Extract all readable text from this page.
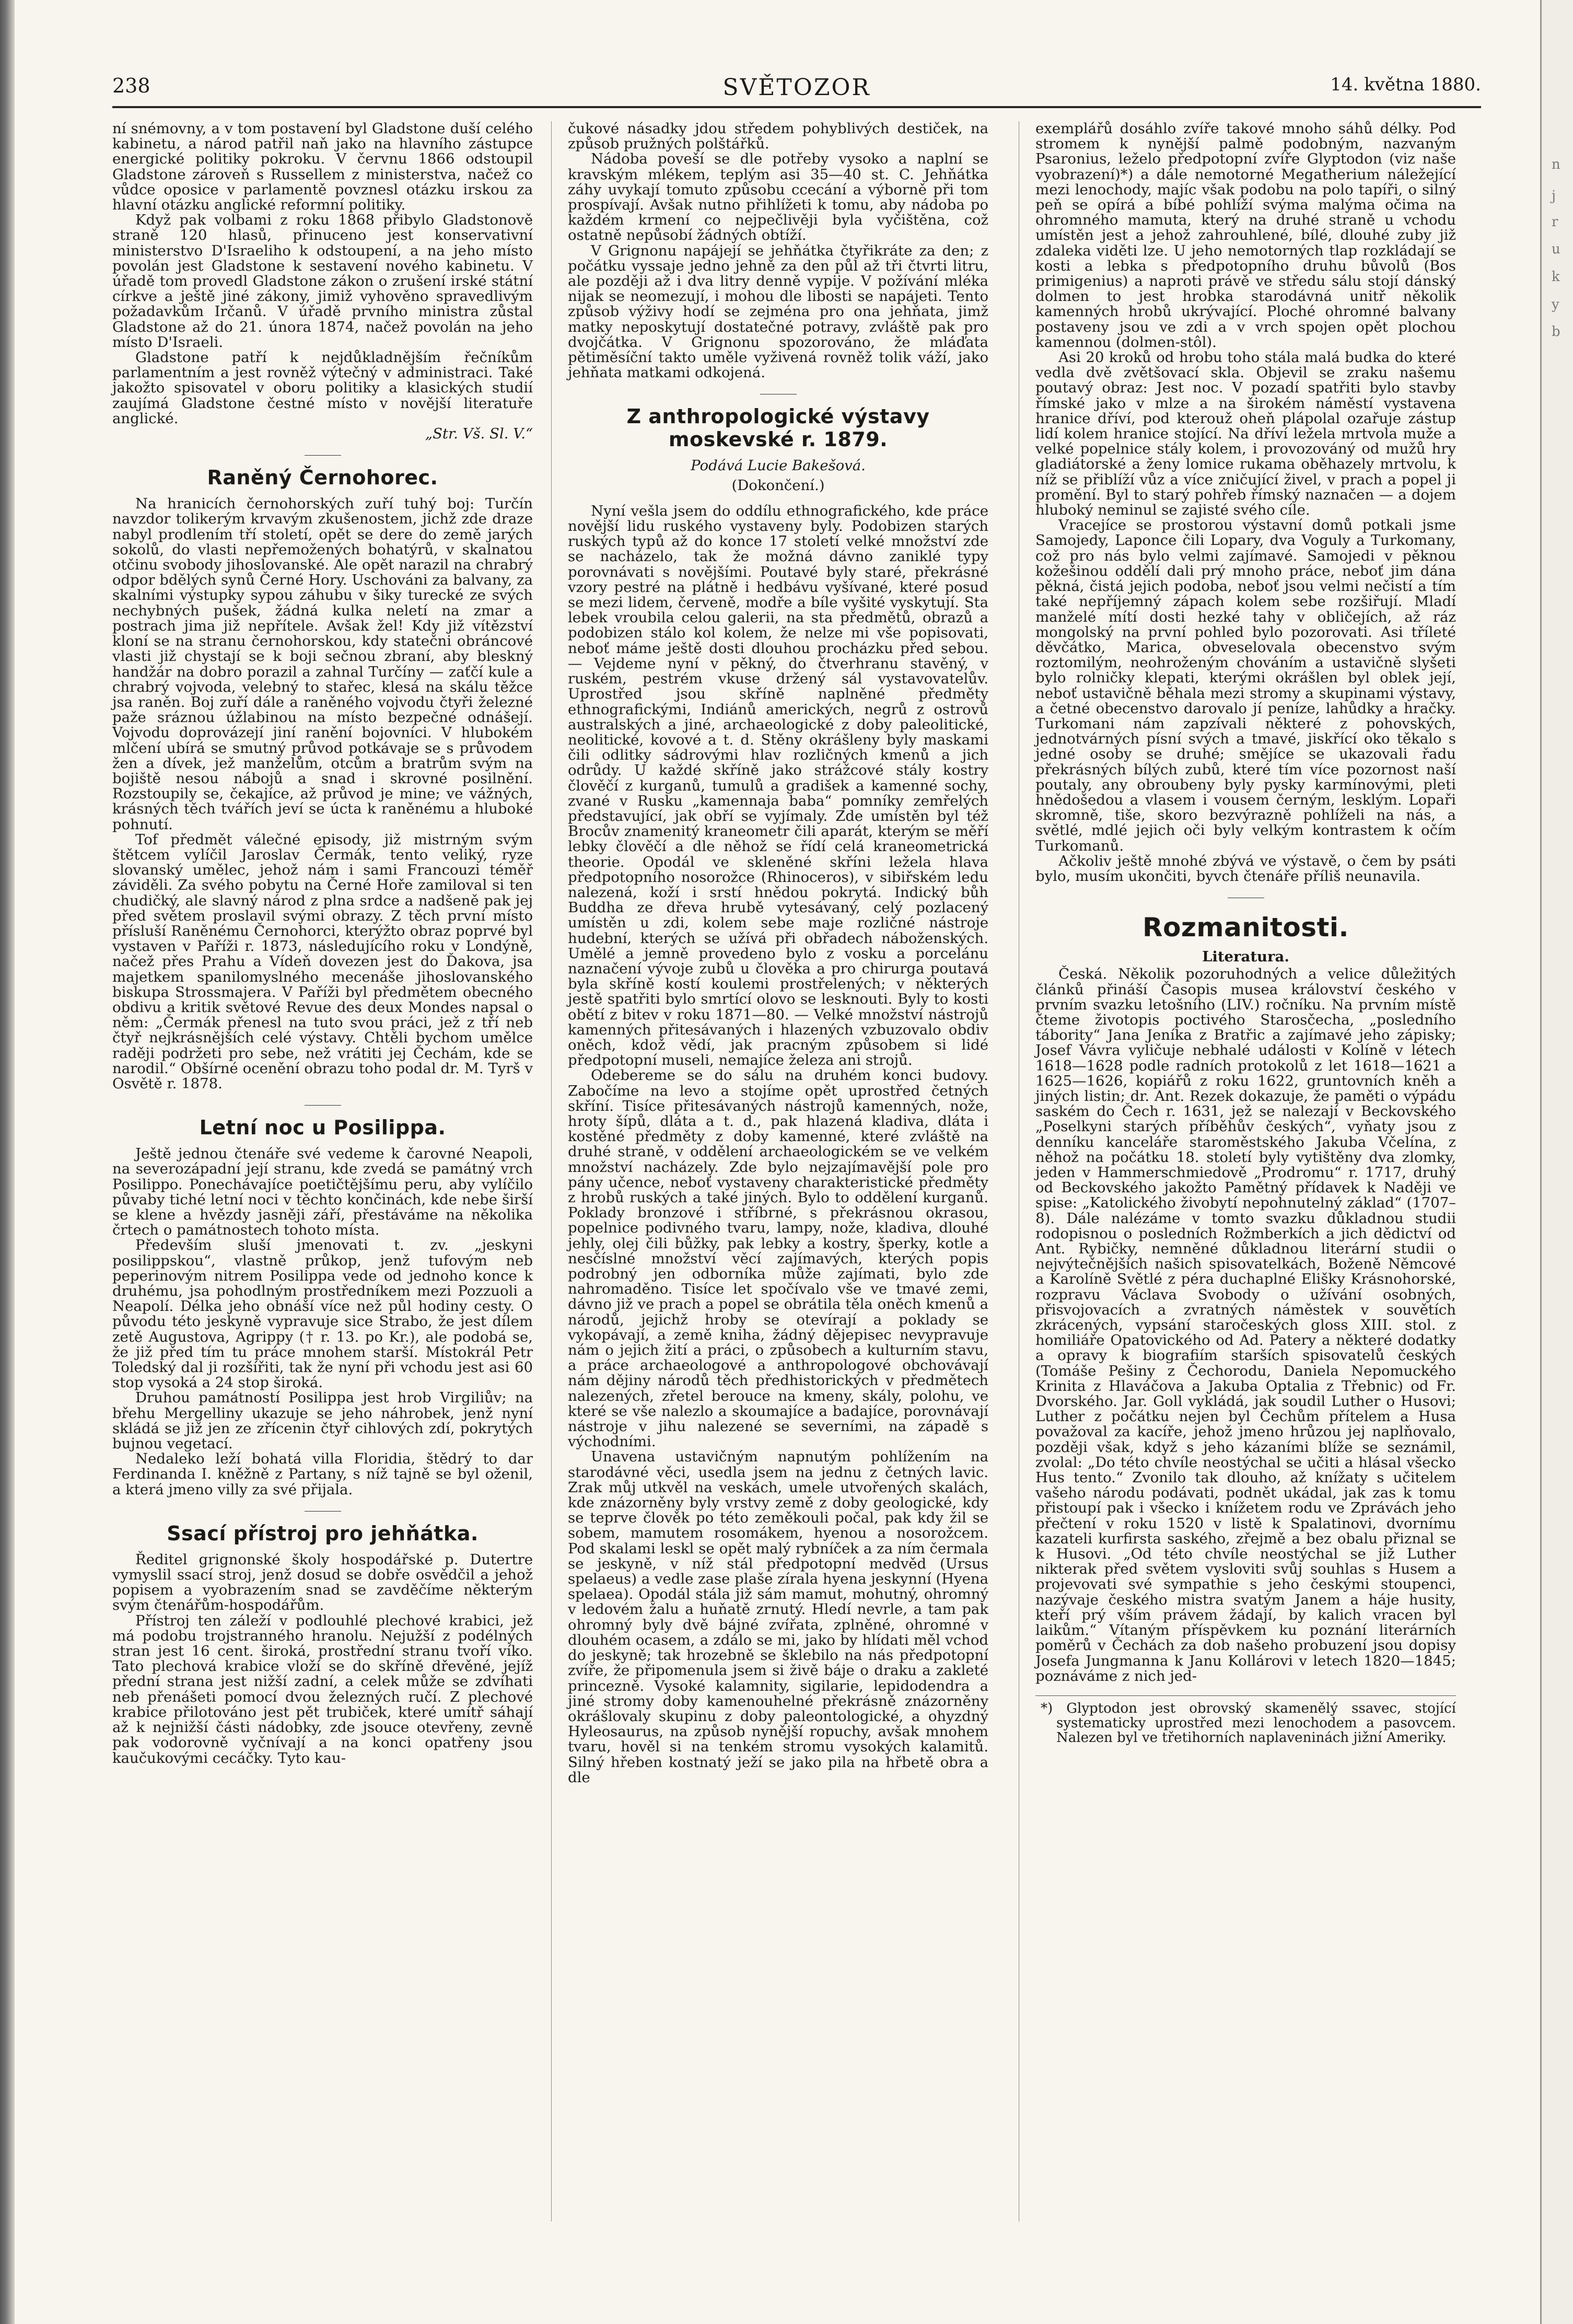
n
j
r
u
k
y
b
SVĚTOZOR
238	14. května 1880.

ní snémovny, a v tom postavení byl Gladstone duší celého kabinetu, a národ patřil naň jako na hlavního zástupce energické politiky pokroku. V červnu 1866 odstoupil Gladstone zároveň s Russellem z ministerstva, načež co vůdce oposice v parlamentě povznesl otázku irskou za hlavní otázku anglické reformní politiky.

Když pak volbami z roku 1868 přibylo Gladstonově straně 120 hlasů, přinuceno jest konservativní ministerstvo D'Israeliho k odstoupení, a na jeho místo povolán jest Gladstone k sestavení nového kabinetu. V úřadě tom provedl Gladstone zákon o zrušení irské státní církve a ještě jiné zákony, jimiž vyhověno spravedlivým požadavkům Irčanů. V úřadě prvního ministra zůstal Gladstone až do 21. února 1874, načež povolán na jeho místo D'Israeli.

Gladstone patří k nejdůkladnějším řečníkům parlamentním a jest rovněž výtečný v administraci. Také jakožto spisovatel v oboru politiky a klasických studií zaujímá Gladstone čestné místo v novější literatuře anglické.

„Str. Vš. Sl. V.“
Raněný Černohorec.

Na hranicích černohorských zuří tuhý boj: Turčín navzdor tolikerým krvavým zkušenostem, jichž zde draze nabyl prodlením tří století, opět se dere do země jarých sokolů, do vlasti nepřemožených bohatýrů, v skalnatou otčinu svobody jihoslovanské. Ale opět narazil na chrabrý odpor bdělých synů Černé Hory. Uschováni za balvany, za skalními výstupky sypou záhubu v šiky turecké ze svých nechybných pušek, žádná kulka neletí na zmar a postrach jima již nepřítele. Avšak žel! Kdy již vítězství kloní se na stranu černohorskou, kdy statečni obráncové vlasti již chystají se k boji sečnou zbraní, aby bleskný handžár na dobro porazil a zahnal Turčíny — zaťčí kule a chrabrý vojvoda, velebný to stařec, klesá na skálu těžce jsa raněn. Boj zuří dále a raněného vojvodu čtyři železné paže sráznou úžlabinou na místo bezpečné odnášejí. Vojvodu doprovázejí jiní ranění bojovníci. V hlubokém mlčení ubírá se smutný průvod potkávaje se s průvodem žen a dívek, jež manželům, otcům a bratrům svým na bojiště nesou nábojů a snad i skrovné posilnění. Rozstoupily se, čekajíce, až průvod je mine; ve vážných, krásných těch tvářích jeví se úcta k raněnému a hluboké pohnutí.

Tof předmět válečné episody, již mistrným svým štětcem vylíčil Jaroslav Čermák, tento veliký, ryze slovanský umělec, jehož nám i sami Francouzi téměř záviděli. Za svého pobytu na Černé Hoře zamiloval si ten chudičký, ale slavný národ z plna srdce a nadšeně pak jej před světem proslavil svými obrazy. Z těch první místo přísluší Raněnému Černohorci, kterýžto obraz poprvé byl vystaven v Paříži r. 1873, následujícího roku v Londýně, načež přes Prahu a Vídeň dovezen jest do Ďakova, jsa majetkem spanilomyslného mecenáše jihoslovanského biskupa Strossmajera. V Paříži byl předmětem obecného obdivu a kritik světové Revue des deux Mondes napsal o něm: „Čermák přenesl na tuto svou práci, jež z tří neb čtyř nejkrásnějších celé výstavy. Chtěli bychom umělce raději podržeti pro sebe, než vrátiti jej Čechám, kde se narodil.“ Obšírné ocenění obrazu toho podal dr. M. Tyrš v Osvětě r. 1878.

Letní noc u Posilippa.

Ještě jednou čtenáře své vedeme k čarovné Neapoli, na severozápadní její stranu, kde zvedá se památný vrch Posilippo. Ponechávajíce poetičtějšímu peru, aby vylíčilo půvaby tiché letní noci v těchto končinách, kde nebe širší se klene a hvězdy jasněji září, přestáváme na několika črtech o památnostech tohoto místa.

Především sluší jmenovati t. zv. „jeskyni posilippskou“, vlastně průkop, jenž tufovým neb peperinovým nitrem Posilippa vede od jednoho konce k druhému, jsa pohodlným prostředníkem mezi Pozzuoli a Neapolí. Délka jeho obnáší více než půl hodiny cesty. O původu této jeskyně vypravuje sice Strabo, že jest dílem zetě Augustova, Agrippy († r. 13. po Kr.), ale podobá se, že již před tím tu práce mnohem starší. Místokrál Petr Toledský dal ji rozšířiti, tak že nyní při vchodu jest asi 60 stop vysoká a 24 stop široká.

Druhou památností Posilippa jest hrob Virgiliův; na břehu Mergelliny ukazuje se jeho náhrobek, jenž nyní skládá se již jen ze zřícenin čtyř cihlových zdí, pokrytých bujnou vegetací.

Nedaleko leží bohatá villa Floridia, štědrý to dar Ferdinanda I. kněžně z Partany, s níž tajně se byl oženil, a která jmeno villy za své přijala.

Ssací přístroj pro jehňátka.

Ředitel grignonské školy hospodářské p. Dutertre vymyslil ssací stroj, jenž dosud se dobře osvědčil a jehož popisem a vyobrazením snad se zavděčíme některým svým čtenářům-hospodářům.

Přístroj ten záleží v podlouhlé plechové krabici, jež má podobu trojstranného hranolu. Nejužší z podélných stran jest 16 cent. široká, prostřední stranu tvoří víko. Tato plechová krabice vloží se do skříně dřevěné, jejíž přední strana jest nižší zadní, a celek může se zdvíhati neb přenášeti pomocí dvou železných ručí. Z plechové krabice přilotováno jest pět trubiček, které umítř sáhají až k nejnižší části nádobky, zde jsouce otevřeny, zevně pak vodorovně vyčnívají a na konci opatřeny jsou kaučukovými cecáčky. Tyto kau-

čukové násadky jdou středem pohyblivých destiček, na způsob pružných polštářků.

Nádoba poveší se dle potřeby vysoko a naplní se kravským mlékem, teplým asi 35—40 st. C. Jehňátka záhy uvykají tomuto způsobu ccecání a výborně při tom prospívají. Avšak nutno přihlížeti k tomu, aby nádoba po každém krmení co nejpečlivěji byla vyčištěna, což ostatně nepůsobí žádných obtíží.

V Grignonu napájejí se jehňátka čtyřikráte za den; z počátku vyssaje jedno jehně za den půl až tři čtvrti litru, ale později až i dva litry denně vypije. V požívání mléka nijak se neomezují, i mohou dle libosti se napájeti. Tento způsob výživy hodí se zejména pro ona jehňata, jimž matky neposkytují dostatečné potravy, zvláště pak pro dvojčátka. V Grignonu spozorováno, že mláďata pětiměsíční takto uměle vyživená rovněž tolik váží, jako jehňata matkami odkojená.

Z anthropologické výstavy moskevské r. 1879.
Podává Lucie Bakešová.
(Dokončení.)

Nyní vešla jsem do oddílu ethnografického, kde práce novější lidu ruského vystaveny byly. Podobizen starých ruských typů až do konce 17 století velké množství zde se nacházelo, tak že možná dávno zaniklé typy porovnávati s novějšími. Poutavé byly staré, překrásné vzory pestré na plátně i hedbávu vyšívané, které posud se mezi lidem, červeně, modře a bíle vyšité vyskytují. Sta lebek vroubila celou galerii, na sta předmětů, obrazů a podobizen stálo kol kolem, že nelze mi vše popisovati, neboť máme ještě dosti dlouhou procházku před sebou. — Vejdeme nyní v pěkný, do čtverhranu stavěný, v ruském, pestrém vkuse držený sál vystavovatelův. Uprostřed jsou skříně naplněné předměty ethnografickými, Indiánů amerických, negrů z ostrovů australských a jiné, archaeologické z doby paleolitické, neolitické, kovové a t. d. Stěny okrášleny byly maskami čili odlitky sádrovými hlav rozličných kmenů a jich odrůdy. U každé skříně jako strážcové stály kostry člověčí z kurganů, tumulů a gradišek a kamenné sochy, zvané v Rusku „kamennaja baba“ pomníky zemřelých představující, jak obří se vyjímaly. Zde umístěn byl též Brocův znamenitý kraneometr čili aparát, kterým se měří lebky člověčí a dle něhož se řídí celá kraneometrická theorie. Opodál ve skleněné skříni ležela hlava předpotopního nosorožce (Rhinoceros), v sibiřském ledu nalezená, koží i srstí hnědou pokrytá. Indický bůh Buddha ze dřeva hrubě vytesávaný, celý pozlacený umístěn u zdi, kolem sebe maje rozličné nástroje hudební, kterých se užívá při obřadech náboženských. Umělé a jemně provedeno bylo z vosku a porcelánu naznačení vývoje zubů u člověka a pro chirurga poutavá byla skříně kostí koulemi prostřelených; v některých jestě spatřiti bylo smrtící olovo se lesknouti. Byly to kosti obětí z bitev v roku 1871—80. — Velké množství nástrojů kamenných přitesávaných i hlazených vzbuzovalo obdiv oněch, kdož vědí, jak pracným způsobem si lidé předpotopní museli, nemajíce železa ani strojů.

Odebereme se do sálu na druhém konci budovy. Zabočíme na levo a stojíme opět uprostřed četných skříní. Tisíce přitesávaných nástrojů kamenných, nože, hroty šípů, dláta a t. d., pak hlazená kladiva, dláta i kostěné předměty z doby kamenné, které zvláště na druhé straně, v oddělení archaeologickém se ve velkém množství nacházely. Zde bylo nejzajímavější pole pro pány učence, neboť vystaveny charakteristické předměty z hrobů ruských a také jiných. Bylo to oddělení kurganů. Poklady bronzové i stříbrné, s překrásnou okrasou, popelnice podivného tvaru, lampy, nože, kladiva, dlouhé jehly, olej čili bůžky, pak lebky a kostry, šperky, kotle a nesčíslné množství věcí zajímavých, kterých popis podrobný jen odborníka může zajímati, bylo zde nahromaděno. Tisíce let spočívalo vše ve tmavé zemi, dávno již ve prach a popel se obrátila těla oněch kmenů a národů, jejichž hroby se otevírají a poklady se vykopávají, a země kniha, žádný dějepisec nevypravuje nám o jejich žití a práci, o způsobech a kulturním stavu, a práce archaeologové a anthropologové obchovávají nám dějiny národů těch předhistorických v předmětech nalezených, zřetel berouce na kmeny, skály, polohu, ve které se vše nalezlo a skoumajíce a badajíce, porovnávají nástroje v jihu nalezené se severními, na západě s východními.

Unavena ustavičným napnutým pohlížením na starodávné věci, usedla jsem na jednu z četných lavic. Zrak můj utkvěl na veskách, umele utvořených skalách, kde znázorněny byly vrstvy země z doby geologické, kdy se teprve člověk po této zeměkouli počal, pak kdy žil se sobem, mamutem rosomákem, hyenou a nosorožcem. Pod skalami leskl se opět malý rybníček a za ním čermala se jeskyně, v níž stál předpotopní medvěd (Ursus spelaeus) a vedle zase plaše zírala hyena jeskynní (Hyena spelaea). Opodál stála již sám mamut, mohutný, ohromný v ledovém žalu a huňatě zrnutý. Hledí nevrle, a tam pak ohromný byly dvě bájné zvířata, zplněné, ohromné v dlouhém ocasem, a zdálo se mi, jako by hlídati měl vchod do jeskyně; tak hrozebně se šklebilo na nás předpotopní zvíře, že připomenula jsem si živě báje o draku a zakleté princezně. Vysoké kalamnity, sigilarie, lepidodendra a jiné stromy doby kamenouhelné překrásně znázorněny okrášlovaly skupinu z doby paleontologické, a ohyzdný Hyleosaurus, na způsob nynější ropuchy, avšak mnohem tvaru, hověl si na tenkém stromu vysokých kalamitů. Silný hřeben kostnatý ježí se jako pila na hřbetě obra a dle

exemplářů dosáhlo zvíře takové mnoho sáhů délky. Pod stromem k nynější palmě podobným, nazvaným Psaronius, leželo předpotopní zvíře Glyptodon (viz naše vyobrazení)*) a dále nemotorné Megatherium náležející mezi lenochody, majíc však podobu na polo tapíři, o silný peň se opírá a bíbé pohlíží svýma malýma očima na ohromného mamuta, který na druhé straně u vchodu umístěn jest a jehož zahrouhlené, bílé, dlouhé zuby již zdaleka viděti lze. U jeho nemotorných tlap rozkládají se kosti a lebka s předpotopního druhu bůvolů (Bos primigenius) a naproti právě ve středu sálu stojí dánský dolmen to jest hrobka starodávná unitř několik kamenných hrobů ukrývající. Ploché ohromné balvany postaveny jsou ve zdi a v vrch spojen opět plochou kamennou (dolmen-stôl).

Asi 20 kroků od hrobu toho stála malá budka do které vedla dvě zvětšovací skla. Objevil se zraku našemu poutavý obraz: Jest noc. V pozadí spatřiti bylo stavby římské jako v mlze a na širokém náměstí vystavena hranice dříví, pod kterouž oheň plápolal ozařuje zástup lidí kolem hranice stojící. Na dříví ležela mrtvola muže a velké popelnice stály kolem, i provozováný od mužů hry gladiátorské a ženy lomice rukama oběhazely mrtvolu, k níž se přiblíží vůz a více zničující živel, v prach a popel ji promění. Byl to starý pohřeb římský naznačen — a dojem hluboký neminul se zajisté svého cíle.

Vracejíce se prostorou výstavní domů potkali jsme Samojedy, Laponce čili Lopary, dva Voguly a Turkomany, což pro nás bylo velmi zajímavé. Samojedi v pěknou kožešinou oddělí dali prý mnoho práce, neboť jim dána pěkná, čistá jejich podoba, neboť jsou velmi nečistí a tím také nepříjemný zápach kolem sebe rozšiřují. Mladí manželé mítí dosti hezké tahy v obličejích, až ráz mongolský na první pohled bylo pozorovati. Asi tříleté děvčátko, Marica, obveselovala obecenstvo svým roztomilým, neohroženým chováním a ustavičně slyšeti bylo rolničky klepati, kterými okrášlen byl oblek její, neboť ustavičně běhala mezi stromy a skupinami výstavy, a četné obecenstvo darovalo jí peníze, lahůdky a hračky. Turkomani nám zapzívali některé z pohovských, jednotvárných písní svých a tmavé, jiskřící oko těkalo s jedné osoby se druhé; smějíce se ukazovali řadu překrásných bílých zubů, které tím více pozornost naší poutaly, any obroubeny byly pysky karmínovými, pleti hnědošedou a vlasem i vousem černým, lesklým. Lopaři skromně, tiše, skoro bezvýrazně pohlíželi na nás, a světlé, mdlé jejich oči byly velkým kontrastem k očím Turkomanů.

Ačkoliv ještě mnohé zbývá ve výstavě, o čem by psáti bylo, musím ukončiti, byvch čtenáře příliš neunavila.

Rozmanitosti.
Literatura.

Česká. Několik pozoruhodných a velice důležitých článků přináší Časopis musea království českého v prvním svazku letošního (LIV.) ročníku. Na prvním místě čteme životopis poctivého Starosčecha, „posledního tábority“ Jana Jeníka z Bratřic a zajímavé jeho zápisky; Josef Vávra vyličuje nebhalé události v Kolíně v létech 1618—1628 podle radních protokolů z let 1618—1621 a 1625—1626, kopiářů z roku 1622, gruntovních kněh a jiných listin; dr. Ant. Rezek dokazuje, že paměti o výpádu saském do Čech r. 1631, jež se nalezají v Beckovského „Poselkyni starých příběhův českých“, vyňaty jsou z denníku kanceláře staroměstského Jakuba Včelína, z něhož na počátku 18. století byly vytištěny dva zlomky, jeden v Hammerschmiedově „Prodromu“ r. 1717, druhý od Beckovského jakožto Pamětný přídavek k Naději ve spise: „Katolického živobytí nepohnutelný základ“ (1707–8). Dále nalézáme v tomto svazku důkladnou studii rodopisnou o posledních Rožmberkích a jich dědictví od Ant. Rybičky, nemněné důkladnou literární studii o nejvýtečnějších našich spisovatelkách, Boženě Němcové a Karolíně Světlé z péra duchaplné Elišky Krásnohorské, rozpravu Václava Svobody o užívání osobných, přisvojovacích a zvratných náměstek v souvětích zkrácených, vypsání staročeských gloss XIII. stol. z homiliáře Opatovického od Ad. Patery a některé dodatky a opravy k biografiím starších spisovatelů českých (Tomáše Pešiny z Čechorodu, Daniela Nepomuckého Krinita z Hlaváčova a Jakuba Optalia z Třebnic) od Fr. Dvorského. Jar. Goll vykládá, jak soudil Luther o Husovi; Luther z počátku nejen byl Čechům přítelem a Husa považoval za kacíře, jehož jmeno hrůzou jej naplňovalo, později však, když s jeho kázaními blíže se seznámil, zvolal: „Do této chvíle neostýchal se učiti a hlásal všecko Hus tento.“ Zvonilo tak dlouho, až knížaty s učitelem vašeho národu podávati, podnět ukádal, jak zas k tomu přistoupí pak i všecko i knížetem rodu ve Zprávách jeho přečtení v roku 1520 v listě k Spalatinovi, dvornímu kazateli kurfirsta saského, zřejmě a bez obalu přiznal se k Husovi. „Od této chvíle neostýchal se již Luther nikterak před světem vysloviti svůj souhlas s Husem a projevovati své sympathie s jeho českými stoupenci, nazývaje českého mistra svatým Janem a háje husity, kteří prý vším právem žádají, by kalich vracen byl laikům.“ Vítaným příspěvkem ku poznání literárních poměrů v Čechách za dob našeho probuzení jsou dopisy Josefa Jungmanna k Janu Kollárovi v letech 1820—1845; poznáváme z nich jed-

*) Glyptodon jest obrovský skamenělý ssavec, stojící systematicky uprostřed mezi lenochodem a pasovcem. Nalezen byl ve třetihorních naplaveninách jižní Ameriky.
